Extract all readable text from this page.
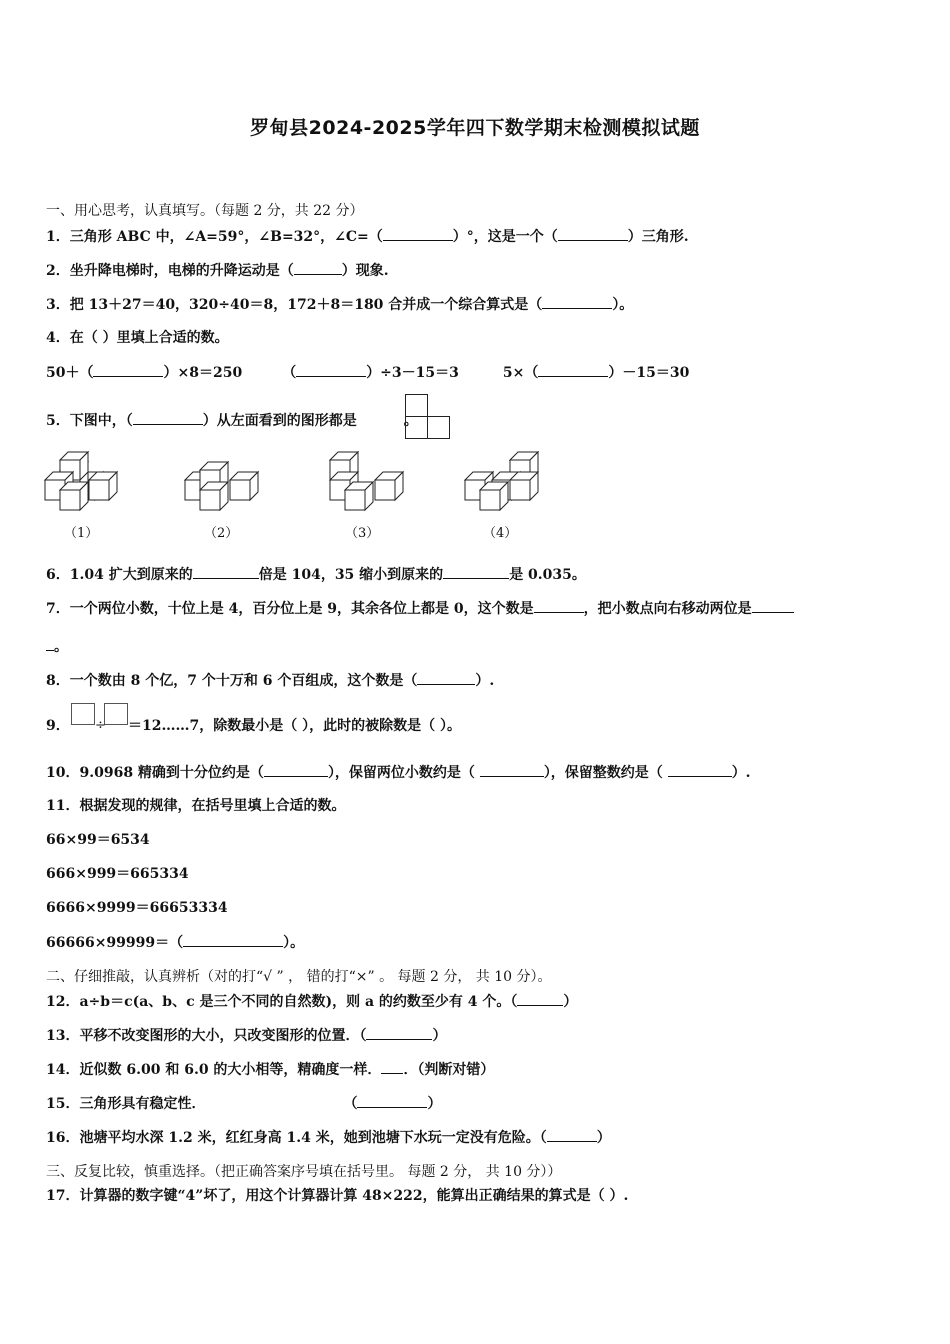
罗甸县2024-2025学年四下数学期末检测模拟试题
一、用心思考，认真填写。（每题 2 分，共 22 分）
1．三角形 ABC 中，∠A=59°，∠B=32°，∠C=（	）°，这是一个（	）三角形.
2．坐升降电梯时，电梯的升降运动是（	）现象.
3．把 13＋27＝40，320÷40＝8，172＋8＝180 合并成一个综合算式是（	）。
4．在（ ）里填上合适的数。
50＋（	）×8＝250	（	）÷3－15＝3	5×（	）－15＝30
5．下图中，（	）从左面看到的图形都是	。
（1）	（2）	（3）	（4）
6．1.04 扩大到原来的	倍是 104，35 缩小到原来的	是 0.035。
7．一个两位小数，十位上是 4，百分位上是 9，其余各位上都是 0，这个数是	，把小数点向右移动两位是
。
8．一个数由 8 个亿，7 个十万和 6 个百组成，这个数是（	）.
9． ÷ ＝12……7，除数最小是（ ），此时的被除数是（ ）。
10．9.0968 精确到十分位约是（	），保留两位小数约是（	），保留整数约是（	）.
11．根据发现的规律，在括号里填上合适的数。
66×99＝6534
666×999＝665334
6666×9999＝66653334
66666×99999＝（	）。
二、仔细推敲，认真辨析（对的打“√ ” ， 错的打“×” 。 每题 2 分， 共 10 分）。
12．a÷b＝c(a、b、c 是三个不同的自然数)，则 a 的约数至少有 4 个。（	）
13．平移不改变图形的大小，只改变图形的位置．（	）
14．近似数 6.00 和 6.0 的大小相等，精确度一样． ．（判断对错）
15．三角形具有稳定性．	（	）
16．池塘平均水深 1.2 米，红红身高 1.4 米，她到池塘下水玩一定没有危险。（	）
三、反复比较，慎重选择。（把正确答案序号填在括号里。 每题 2 分， 共 10 分））
17．计算器的数字键“4”坏了，用这个计算器计算 48×222，能算出正确结果的算式是（ ）.
